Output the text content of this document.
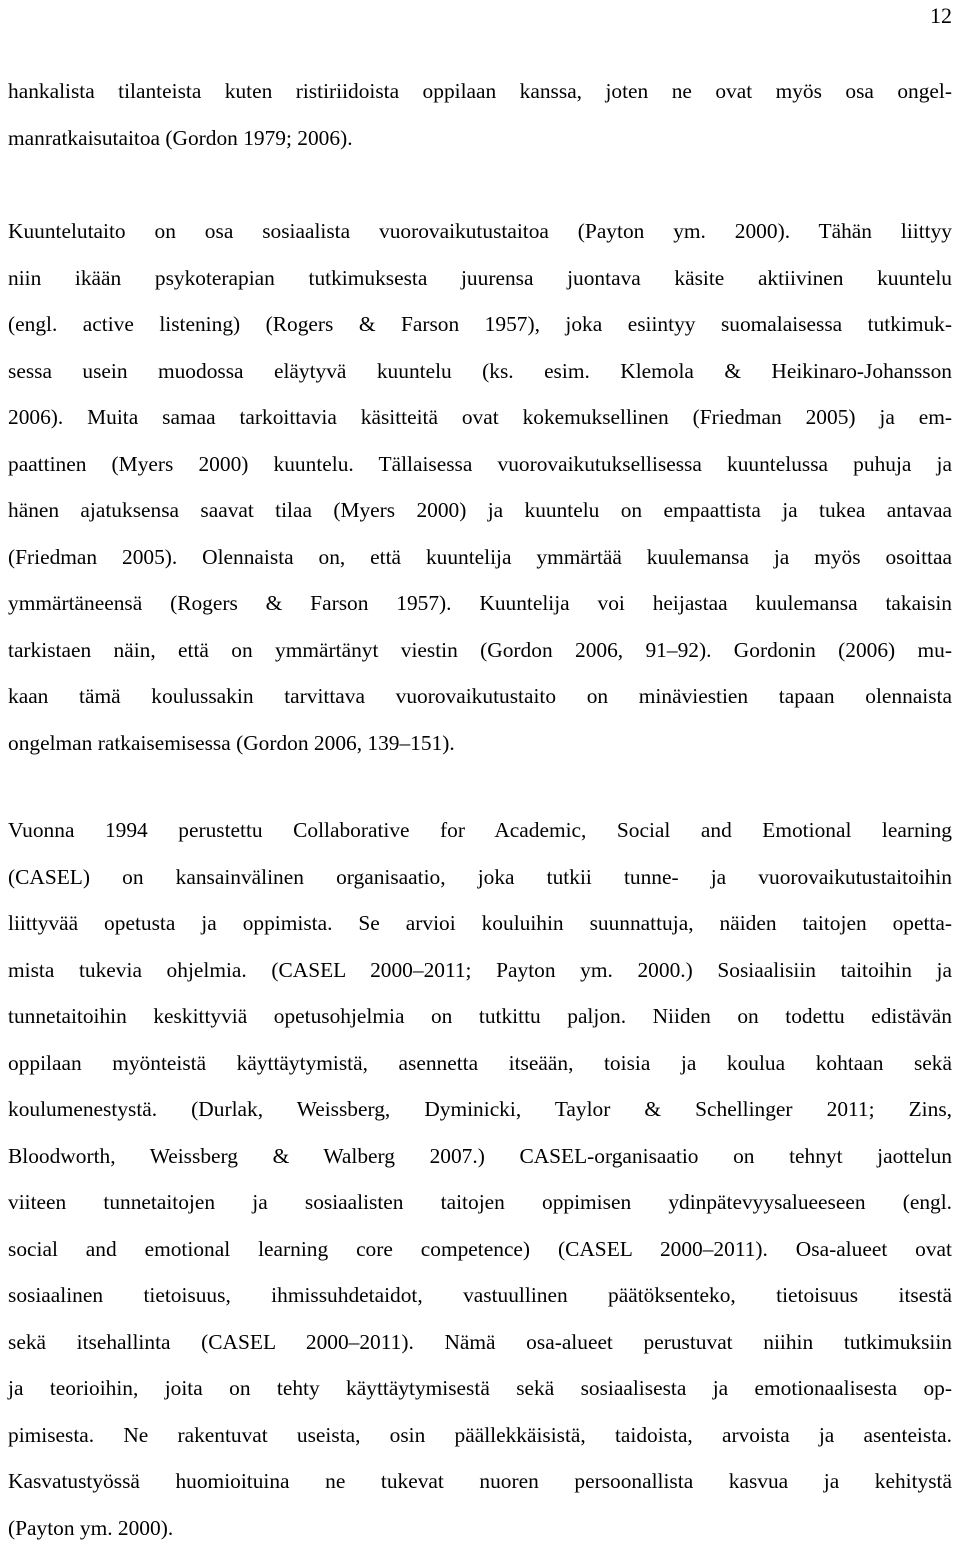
12
hankalista tilanteista kuten ristiriidoista oppilaan kanssa, joten ne ovat myös osa ongel-
manratkaisutaitoa (Gordon 1979; 2006).
Kuuntelutaito on osa sosiaalista vuorovaikutustaitoa (Payton ym. 2000). Tähän liittyy
niin ikään psykoterapian tutkimuksesta juurensa juontava käsite aktiivinen kuuntelu
(engl. active listening) (Rogers & Farson 1957), joka esiintyy suomalaisessa tutkimuk-
sessa usein muodossa eläytyvä kuuntelu (ks. esim. Klemola & Heikinaro-Johansson
2006). Muita samaa tarkoittavia käsitteitä ovat kokemuksellinen (Friedman 2005) ja em-
paattinen (Myers 2000) kuuntelu. Tällaisessa vuorovaikutuksellisessa kuuntelussa puhuja ja
hänen ajatuksensa saavat tilaa (Myers 2000) ja kuuntelu on empaattista ja tukea antavaa
(Friedman 2005). Olennaista on, että kuuntelija ymmärtää kuulemansa ja myös osoittaa
ymmärtäneensä (Rogers & Farson 1957). Kuuntelija voi heijastaa kuulemansa takaisin
tarkistaen näin, että on ymmärtänyt viestin (Gordon 2006, 91–92). Gordonin (2006) mu-
kaan tämä koulussakin tarvittava vuorovaikutustaito on minäviestien tapaan olennaista
ongelman ratkaisemisessa (Gordon 2006, 139–151).
Vuonna 1994 perustettu Collaborative for Academic, Social and Emotional learning
(CASEL) on kansainvälinen organisaatio, joka tutkii tunne- ja vuorovaikutustaitoihin
liittyvää opetusta ja oppimista. Se arvioi kouluihin suunnattuja, näiden taitojen opetta-
mista tukevia ohjelmia. (CASEL 2000–2011; Payton ym. 2000.) Sosiaalisiin taitoihin ja
tunnetaitoihin keskittyviä opetusohjelmia on tutkittu paljon. Niiden on todettu edistävän
oppilaan myönteistä käyttäytymistä, asennetta itseään, toisia ja koulua kohtaan sekä
koulumenestystä. (Durlak, Weissberg, Dyminicki, Taylor & Schellinger 2011; Zins,
Bloodworth, Weissberg & Walberg 2007.) CASEL-organisaatio on tehnyt jaottelun
viiteen tunnetaitojen ja sosiaalisten taitojen oppimisen ydinpätevyysalueeseen (engl.
social and emotional learning core competence) (CASEL 2000–2011). Osa-alueet ovat
sosiaalinen tietoisuus, ihmissuhdetaidot, vastuullinen päätöksenteko, tietoisuus itsestä
sekä itsehallinta (CASEL 2000–2011). Nämä osa-alueet perustuvat niihin tutkimuksiin
ja teorioihin, joita on tehty käyttäytymisestä sekä sosiaalisesta ja emotionaalisesta op-
pimisesta. Ne rakentuvat useista, osin päällekkäisistä, taidoista, arvoista ja asenteista.
Kasvatustyössä huomioituina ne tukevat nuoren persoonallista kasvua ja kehitystä
(Payton ym. 2000).
